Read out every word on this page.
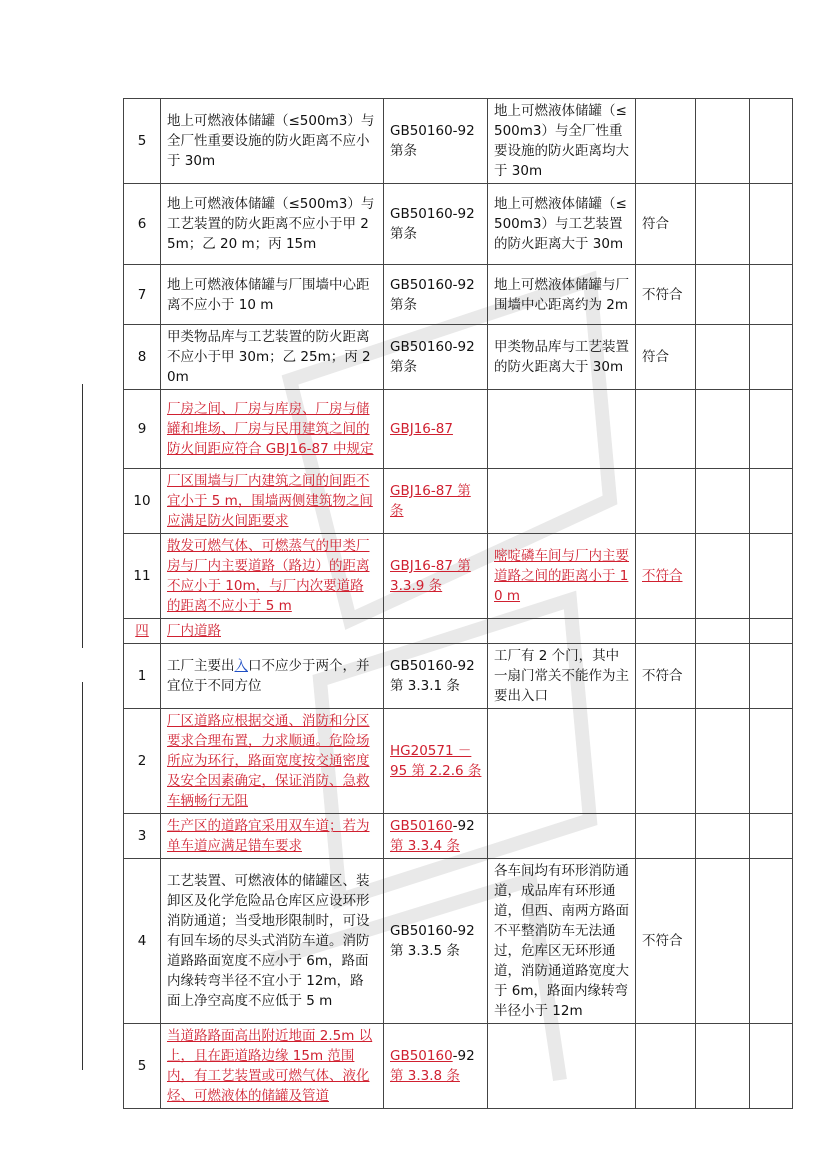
5	地上可燃液体储罐（≤500m3）与全厂性重要设施的防火距离不应小于 30m	GB50160-92 第条	地上可燃液体储罐（≤500m3）与全厂性重要设施的防火距离均大于 30m			
6	地上可燃液体储罐（≤500m3）与工艺装置的防火距离不应小于甲 25m；乙 20 m；丙 15m	GB50160-92 第条	地上可燃液体储罐（≤500m3）与工艺装置的防火距离大于 30m	符合		
7	地上可燃液体储罐与厂围墙中心距离不应小于 10 m	GB50160-92 第条	地上可燃液体储罐与厂围墙中心距离约为 2m	不符合		
8	甲类物品库与工艺装置的防火距离不应小于甲 30m；乙 25m；丙 20m	GB50160-92 第条	甲类物品库与工艺装置的防火距离大于 30m	符合		
9	厂房之间、厂房与库房、厂房与储罐和堆场、厂房与民用建筑之间的防火间距应符合 GBJ16-87 中规定	GBJ16-87				
10	厂区围墙与厂内建筑之间的间距不宜小于 5 m，围墙两侧建筑物之间应满足防火间距要求	GBJ16-87 第条				
11	散发可燃气体、可燃蒸气的甲类厂房与厂内主要道路（路边）的距离不应小于 10m，与厂内次要道路的距离不应小于 5 m	GBJ16-87 第 3.3.9 条	嘧啶磷车间与厂内主要道路之间的距离小于 10 m	不符合		
四	厂内道路					
1	工厂主要出入口不应少于两个，并宜位于不同方位	GB50160-92 第 3.3.1 条	工厂有 2 个门，其中一扇门常关不能作为主要出入口	不符合		
2	厂区道路应根据交通、消防和分区要求合理布置，力求顺通。危险场所应为环行，路面宽度按交通密度及安全因素确定，保证消防、急救车辆畅行无阻	HG20571 － 95 第 2.2.6 条				
3	生产区的道路宜采用双车道；若为单车道应满足错车要求	GB50160-92
第 3.3.4 条				
4	工艺装置、可燃液体的储罐区、装卸区及化学危险品仓库区应设环形消防通道；当受地形限制时，可设有回车场的尽头式消防车道。消防道路路面宽度不应小于 6m，路面内缘转弯半径不宜小于 12m，路面上净空高度不应低于 5 m	GB50160-92 第 3.3.5 条	各车间均有环形消防通道，成品库有环形通道，但西、南两方路面不平整消防车无法通过，危库区无环形通道，消防通道路宽度大于 6m，路面内缘转弯半径小于 12m	不符合		
5	当道路路面高出附近地面 2.5m 以上，且在距道路边缘 15m 范围内，有工艺装置或可燃气体、液化烃、可燃液体的储罐及管道	GB50160-92
第 3.3.8 条				
